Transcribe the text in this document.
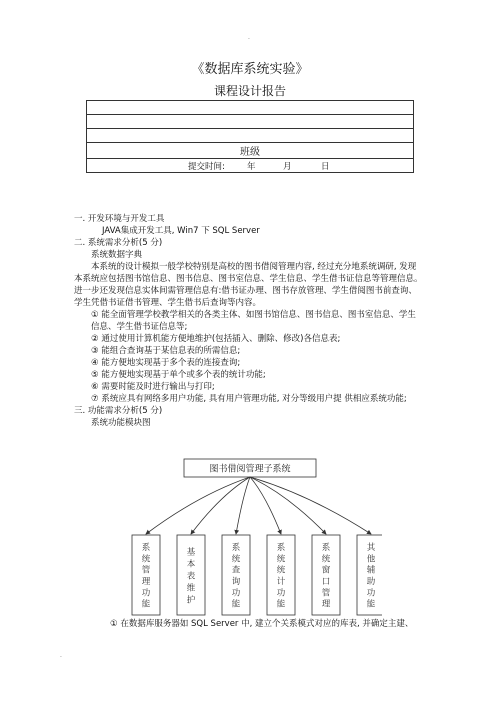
.
《数据库系统实验》
课程设计报告

班级

提交时间:	年	月	日

一. 开发环境与开发工具

JAVA集成开发工具, Win7 下 SQL Server

二. 系统需求分析(5 分)

系统数据字典

本系统的设计模拟一般学校特别是高校的图书借阅管理内容, 经过充分地系统调研, 发现本系统应包括图书馆信息、图书信息、图书室信息、学生信息、学生借书证信息等管理信息。进一步还发现信息实体间需管理信息有:借书证办理、图书存放管理、学生借阅图书前查询、学生凭借书证借书管理、学生借书后查询等内容。

① 能全面管理学校教学相关的各类主体、如图书馆信息、图书信息、图书室信息、学生信息、学生借书证信息等;

② 通过使用计算机能方便地维护(包括插入、删除、修改)各信息表;

③ 能组合查询基于某信息表的所需信息;

④ 能方便地实现基于多个表的连接查询;

⑤ 能方便地实现基于单个或多个表的统计功能;

⑥ 需要时能及时进行输出与打印;

⑦ 系统应具有网络多用户功能, 具有用户管理功能, 对分等级用户提 供相应系统功能;

三. 功能需求分析(5 分)

系统功能模块图

图书借阅管理子系统
系统管理功能
基本表维护
系统查询功能
系统统计功能
系统窗口管理
其他辅助功能
① 在数据库服务器如 SQL Server 中, 建立个关系模式对应的库表, 并确定主建、
.
